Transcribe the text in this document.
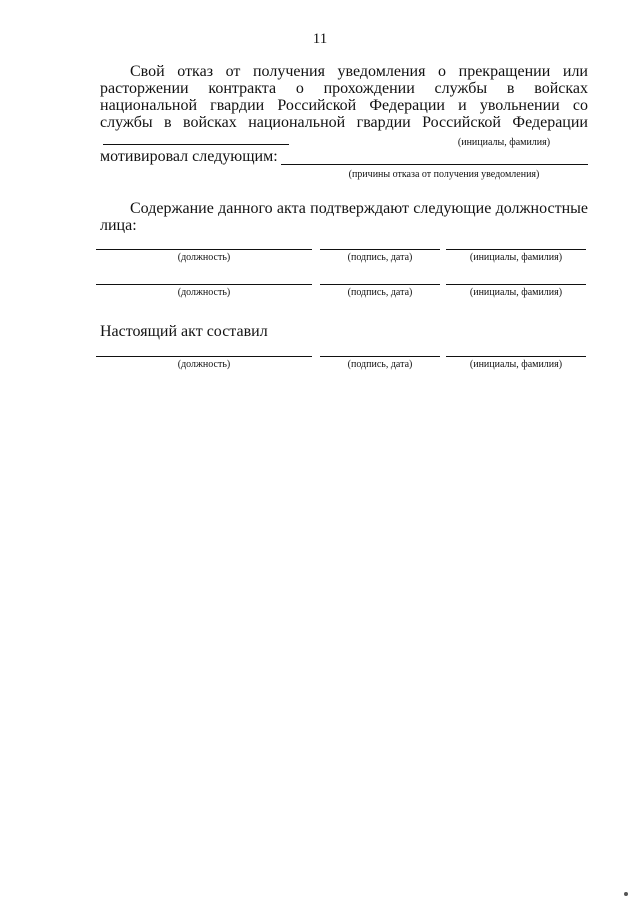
11
Свой отказ от получения уведомления о прекращении или расторжении контракта о прохождении службы в войсках национальной гвардии Российской Федерации и увольнении со службы в войсках национальной гвардии Российской Федерации
(инициалы, фамилия)
мотивировал следующим:
(причины отказа от получения уведомления)
Содержание данного акта подтверждают следующие должностные лица:
(должность)	(подпись, дата)	(инициалы, фамилия)
(должность)	(подпись, дата)	(инициалы, фамилия)
Настоящий акт составил
(должность)	(подпись, дата)	(инициалы, фамилия)
